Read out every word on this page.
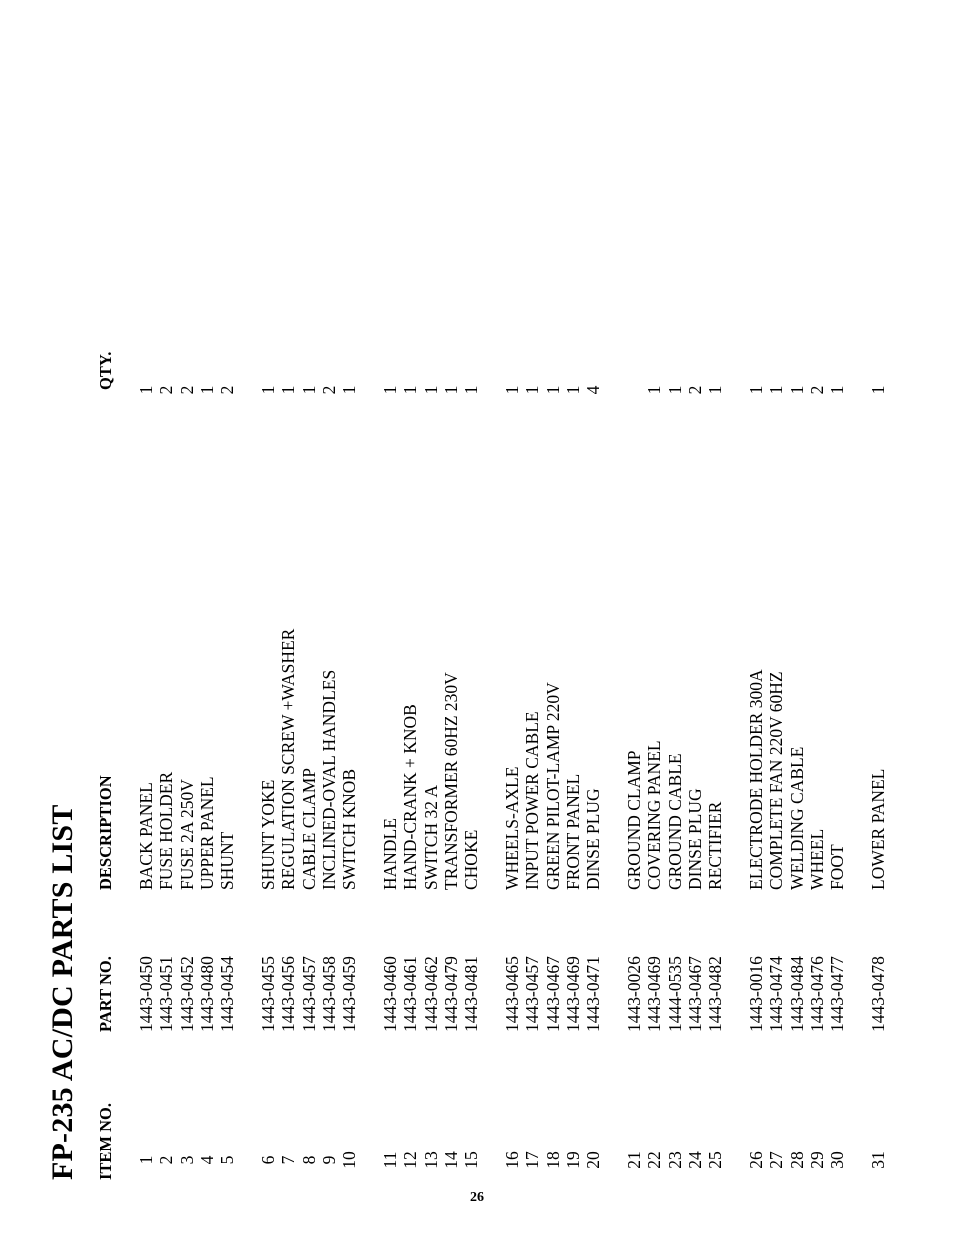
FP-235 AC/DC PARTS LIST ITEM NO.
PART NO.
DESCRIPTION
QTY.
1
1443-0450
BACK PANEL
1
2
1443-0451
FUSE HOLDER
2
3
1443-0452
FUSE 2A 250V
2
4
1443-0480
UPPER PANEL
1
5
1443-0454
SHUNT
2
6
1443-0455
SHUNT YOKE
1
7
1443-0456
REGULATION SCREW +WASHER
1
8
1443-0457
CABLE CLAMP
1
9
1443-0458
INCLINED-OVAL HANDLES
2
10
1443-0459
SWITCH KNOB
1
11
1443-0460
HANDLE
1
12
1443-0461
HAND-CRANK + KNOB
1
13
1443-0462
SWITCH 32 A
1
14
1443-0479
TRANSFORMER 60HZ 230V
1
15
1443-0481
CHOKE
1
16
1443-0465
WHEELS-AXLE
1
17
1443-0457
INPUT POWER CABLE
1
18
1443-0467
GREEN PILOT-LAMP 220V
1
19
1443-0469
FRONT PANEL
1
20
1443-0471
DINSE PLUG
4
21
1443-0026
GROUND CLAMP
22
1443-0469
COVERING PANEL
1
23
1444-0535
GROUND CABLE
1
24
1443-0467
DINSE PLUG
2
25
1443-0482
RECTIFIER
1
26
1443-0016
ELECTRODE HOLDER 300A
1
27
1443-0474
COMPLETE FAN 220V 60HZ
1
28
1443-0484
WELDING CABLE
1
29
1443-0476
WHEEL
2
30
1443-0477
FOOT
1
31
1443-0478
LOWER PANEL
1
26
